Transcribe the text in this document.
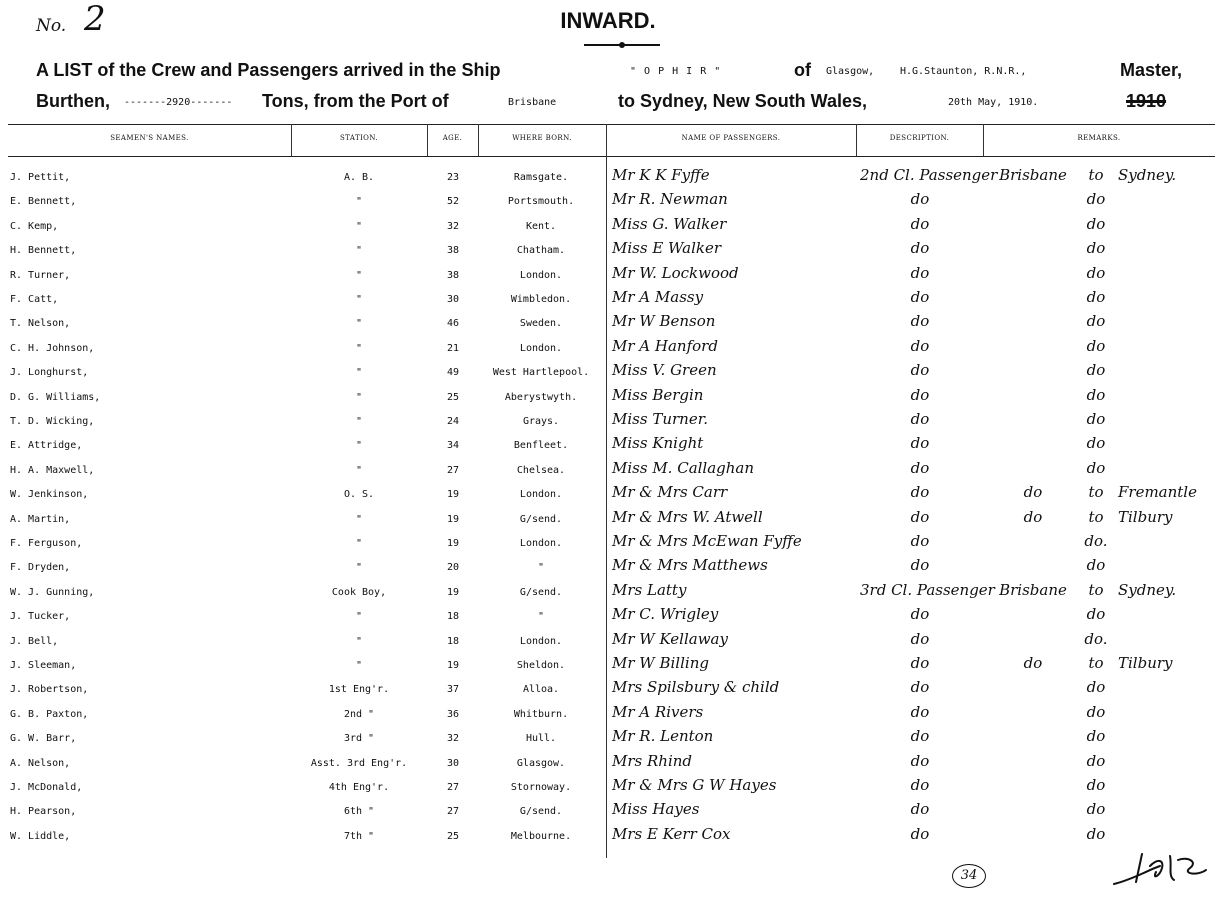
No. 2	INWARD.
A LIST of the Crew and Passengers arrived in the Ship	" O P H I R "	of Glasgow,	H.G.Staunton, R.N.R.,	Master,
Burthen, -------2920------- Tons, from the Port of	Brisbane	to Sydney, New South Wales,	20th May, 1910.	1910
SEAMEN'S NAMES.	STATION.	AGE.	WHERE BORN.	NAME OF PASSENGERS.	DESCRIPTION.	REMARKS.
J. Pettit,	A. B.	23	Ramsgate.	Mr K K Fyffe	2nd Cl. Passenger Brisbane	to Sydney.
E. Bennett,	"	52	Portsmouth.	Mr R. Newman	do	do
C. Kemp,	"	32	Kent.	Miss G. Walker	do	do
H. Bennett,	"	38	Chatham.	Miss E Walker	do	do
R. Turner,	"	38	London.	Mr W. Lockwood	do	do
F. Catt,	"	30	Wimbledon.	Mr A Massy	do	do
T. Nelson,	"	46	Sweden.	Mr W Benson	do	do
C. H. Johnson,	"	21	London.	Mr A Hanford	do	do
J. Longhurst,	"	49	West Hartlepool.	Miss V. Green	do	do
D. G. Williams,	"	25	Aberystwyth.	Miss Bergin	do	do
T. D. Wicking,	"	24	Grays.	Miss Turner.	do	do
E. Attridge,	"	34	Benfleet.	Miss Knight	do	do
H. A. Maxwell,	"	27	Chelsea.	Miss M. Callaghan	do	do
W. Jenkinson,	O. S.	19	London.	Mr & Mrs Carr	do	do	to Fremantle
A. Martin,	"	19	G/send.	Mr & Mrs W. Atwell	do	do	to Tilbury
F. Ferguson,	"	19	London.	Mr & Mrs McEwan Fyffe	do	do.
F. Dryden,	"	20	"	Mr & Mrs Matthews	do	do
W. J. Gunning,	Cook Boy,	19	G/send.	Mrs Latty	3rd Cl. Passenger Brisbane	to Sydney.
J. Tucker,	"	18	"	Mr C. Wrigley	do	do
J. Bell,	"	18	London.	Mr W Kellaway	do	do.
J. Sleeman,	"	19	Sheldon.	Mr W Billing	do	do	to Tilbury
J. Robertson,	1st Eng'r.	37	Alloa.	Mrs Spilsbury & child	do	do
G. B. Paxton,	2nd "	36	Whitburn.	Mr A Rivers	do	do
G. W. Barr,	3rd "	32	Hull.	Mr R. Lenton	do	do
A. Nelson,	Asst. 3rd Eng'r.	30	Glasgow.	Mrs Rhind	do	do
J. McDonald,	4th Eng'r.	27	Stornoway.	Mr & Mrs G W Hayes	do	do
H. Pearson,	6th "	27	G/send.	Miss Hayes	do	do
W. Liddle,	7th "	25	Melbourne.	Mrs E Kerr Cox	do	do
34
